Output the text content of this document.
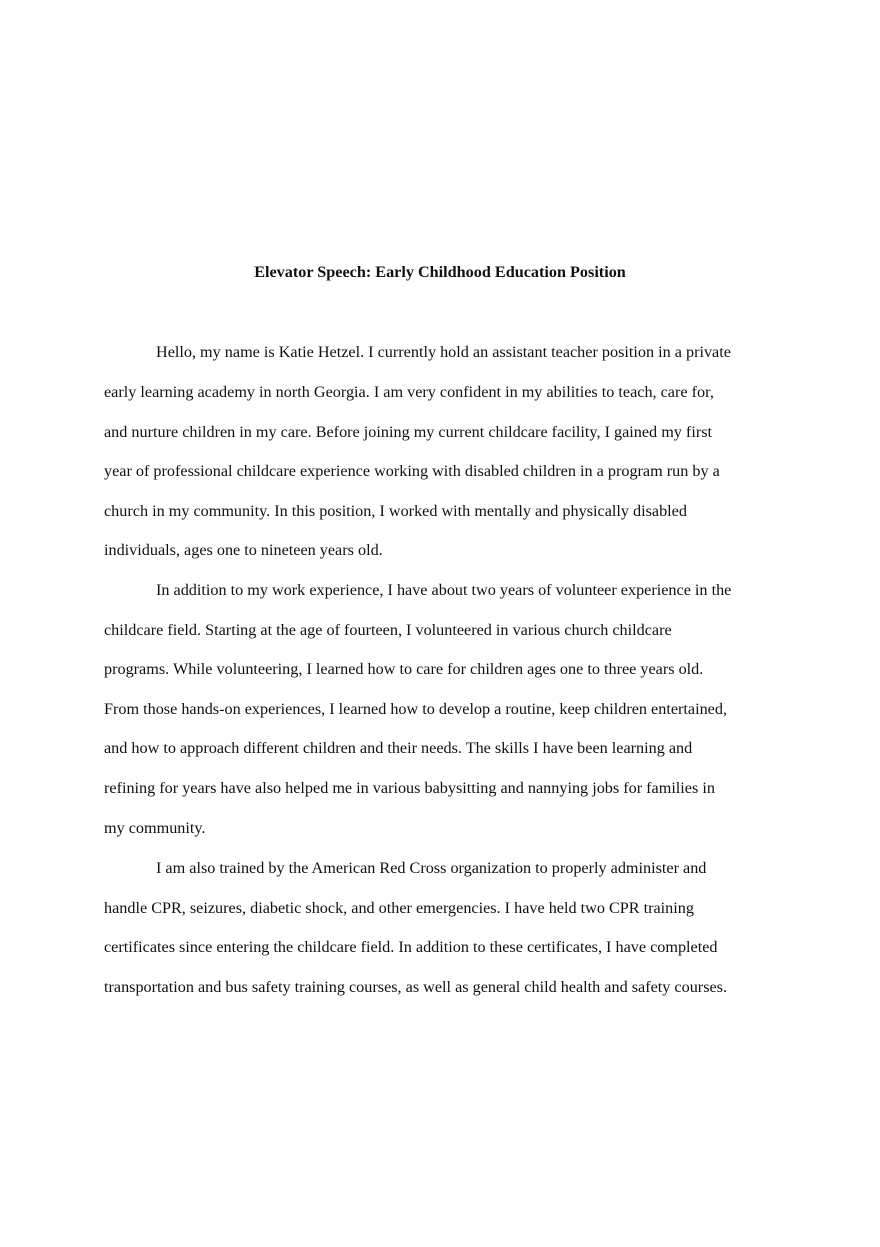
Elevator Speech: Early Childhood Education Position

Hello, my name is Katie Hetzel. I currently hold an assistant teacher position in a private

early learning academy in north Georgia. I am very confident in my abilities to teach, care for,

and nurture children in my care. Before joining my current childcare facility, I gained my first

year of professional childcare experience working with disabled children in a program run by a

church in my community. In this position, I worked with mentally and physically disabled

individuals, ages one to nineteen years old.

In addition to my work experience, I have about two years of volunteer experience in the

childcare field. Starting at the age of fourteen, I volunteered in various church childcare

programs. While volunteering, I learned how to care for children ages one to three years old.

From those hands-on experiences, I learned how to develop a routine, keep children entertained,

and how to approach different children and their needs. The skills I have been learning and

refining for years have also helped me in various babysitting and nannying jobs for families in

my community.

I am also trained by the American Red Cross organization to properly administer and

handle CPR, seizures, diabetic shock, and other emergencies. I have held two CPR training

certificates since entering the childcare field. In addition to these certificates, I have completed

transportation and bus safety training courses, as well as general child health and safety courses.
